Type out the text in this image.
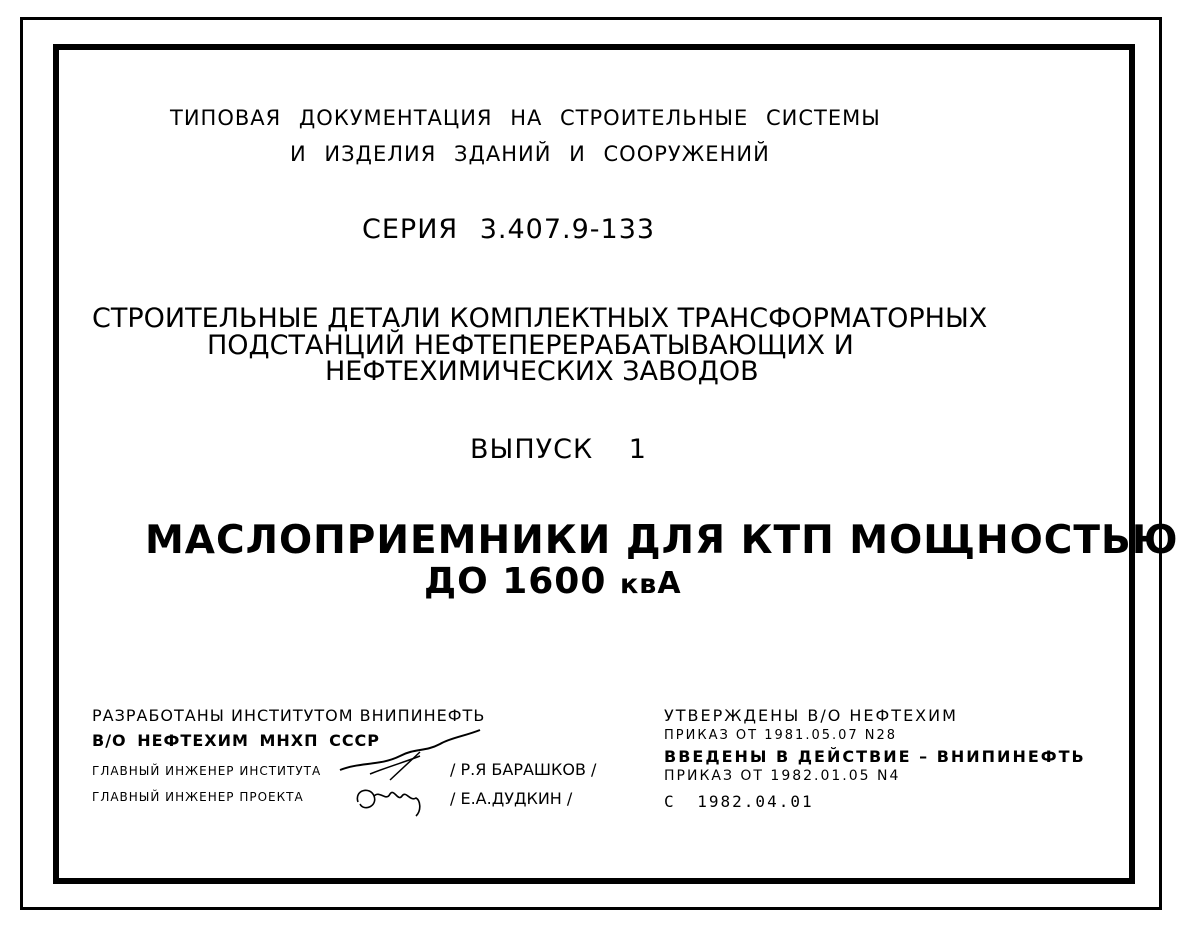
ТИПОВАЯ ДОКУМЕНТАЦИЯ НА СТРОИТЕЛЬНЫЕ СИСТЕМЫ
И ИЗДЕЛИЯ ЗДАНИЙ И СООРУЖЕНИЙ
СЕРИЯ 3.407.9-133
СТРОИТЕЛЬНЫЕ ДЕТАЛИ КОМПЛЕКТНЫХ ТРАНСФОРМАТОРНЫХ
ПОДСТАНЦИЙ НЕФТЕПЕРЕРАБАТЫВАЮЩИХ И
НЕФТЕХИМИЧЕСКИХ ЗАВОДОВ
ВЫПУСК 1
МАСЛОПРИЕМНИКИ ДЛЯ КТП МОЩНОСТЬЮ
ДО 1600 квА
РАЗРАБОТАНЫ ИНСТИТУТОМ ВНИПИНЕФТЬ
В/О НЕФТЕХИМ МНХП СССР
ГЛАВНЫЙ ИНЖЕНЕР ИНСТИТУТА
ГЛАВНЫЙ ИНЖЕНЕР ПРОЕКТА
/ Р.Я БАРАШКОВ /
/ Е.А.ДУДКИН /
УТВЕРЖДЕНЫ В/О НЕФТЕХИМ
ПРИКАЗ ОТ 1981.05.07 N28
ВВЕДЕНЫ В ДЕЙСТВИЕ – ВНИПИНЕФТЬ
ПРИКАЗ ОТ 1982.01.05 N4
С 1982.04.01
